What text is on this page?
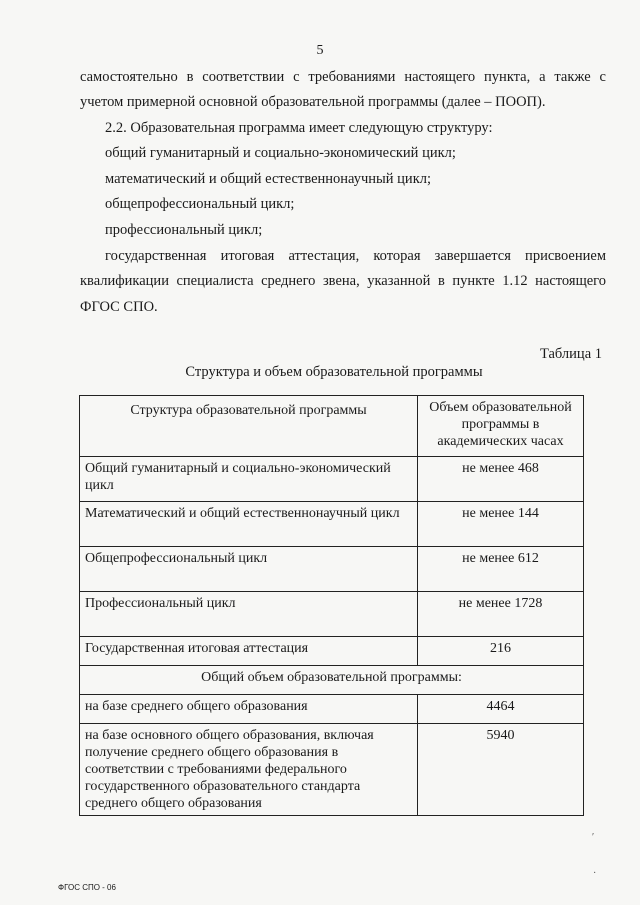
5
самостоятельно в соответствии с требованиями настоящего пункта, а также с
учетом примерной основной образовательной программы (далее – ПООП).
2.2. Образовательная программа имеет следующую структуру:
общий гуманитарный и социально-экономический цикл;
математический и общий естественнонаучный цикл;
общепрофессиональный цикл;
профессиональный цикл;
государственная итоговая аттестация, которая завершается присвоением
квалификации специалиста среднего звена, указанной в пункте 1.12 настоящего
ФГОС СПО.
Таблица 1
Структура и объем образовательной программы
Структура образовательной программы	Объем образовательной программы в академических часах
Общий гуманитарный и социально-экономический цикл	не менее 468
Математический и общий естественнонаучный цикл	не менее 144
Общепрофессиональный цикл	не менее 612
Профессиональный цикл	не менее 1728
Государственная итоговая аттестация	216
Общий объем образовательной программы:	
на базе среднего общего образования	4464
на базе основного общего образования, включая получение среднего общего образования в соответствии с требованиями федерального государственного образовательного стандарта среднего общего образования	5940
′
·
ФГОС СПО - 06
